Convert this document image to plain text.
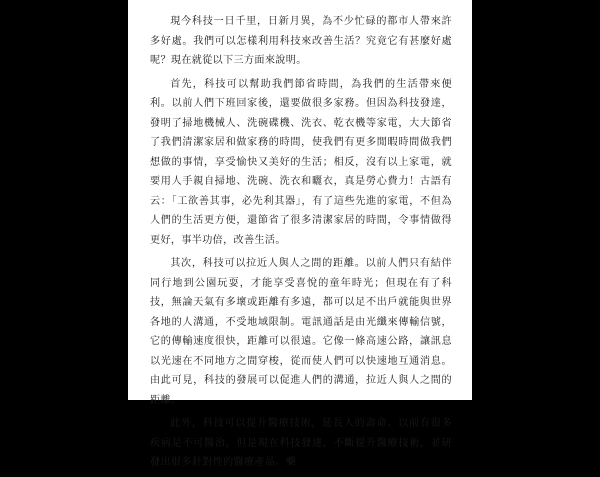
現今科技一日千里，日新月異，為不少忙碌的都市人帶來許多好處。我們可以怎樣利用科技來改善生活？究竟它有甚麼好處呢？現在就從以下三方面來說明。

首先，科技可以幫助我們節省時間，為我們的生活帶來便利。以前人們下班回家後，還要做很多家務。但因為科技發達，發明了掃地機械人、洗碗碟機、洗衣、乾衣機等家電，大大節省了我們清潔家居和做家務的時間，使我們有更多閒暇時間做我們想做的事情，享受愉快又美好的生活；相反，沒有以上家電，就要用人手親自掃地、洗碗、洗衣和曬衣，真是勞心費力！古語有云：「工欲善其事，必先利其器」，有了這些先進的家電，不但為人們的生活更方便，還節省了很多清潔家居的時間，令事情做得更好，事半功倍，改善生活。

其次，科技可以拉近人與人之間的距離。以前人們只有結伴同行地到公園玩耍，才能享受喜悅的童年時光；但現在有了科技，無論天氣有多壞或距離有多遠，都可以足不出戶就能與世界各地的人溝通，不受地域限制。電訊通話是由光纖來傳輸信號，它的傳輸速度很快，距離可以很遠。它像一條高速公路，讓訊息以光速在不同地方之間穿梭，從而使人們可以快速地互通消息。由此可見，科技的發展可以促進人們的溝通，拉近人與人之間的距離。

此外，科技可以提升醫療技術，延長人的壽命。以前有很多疾病是不可醫治，但是現在科技發達，不斷提升醫療技術，並研發出很多針對性的醫療產品。藥
